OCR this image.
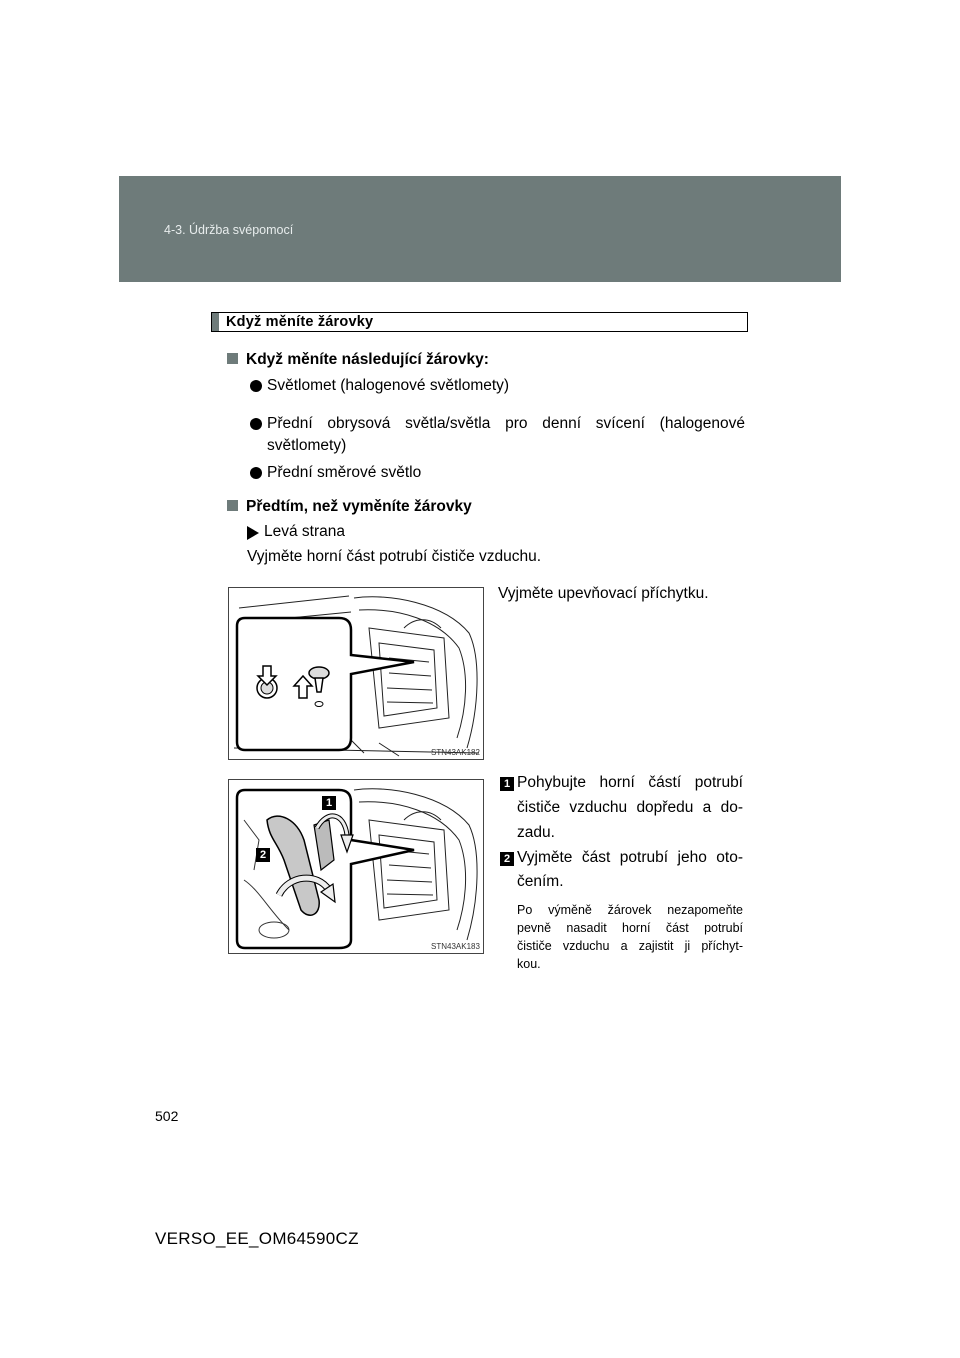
4-3. Údržba svépomocí
Když měníte žárovky
Když měníte následující žárovky:
Světlomet (halogenové světlomety)
Přední obrysová světla/světla pro denní svícení (halogenové
světlomety)
Přední směrové světlo
Předtím, než vyměníte žárovky
Levá strana
Vyjměte horní část potrubí čističe vzduchu.
STN43AK182
Vyjměte upevňovací příchytku.
1
2
STN43AK183
1 Pohybujte horní částí potrubí
čističe vzduchu dopředu a do-
zadu.
2 Vyjměte část potrubí jeho oto-
čením.
Po výměně žárovek nezapomeňte
pevně nasadit horní část potrubí
čističe vzduchu a zajistit ji příchyt-
kou.
502
VERSO_EE_OM64590CZ
